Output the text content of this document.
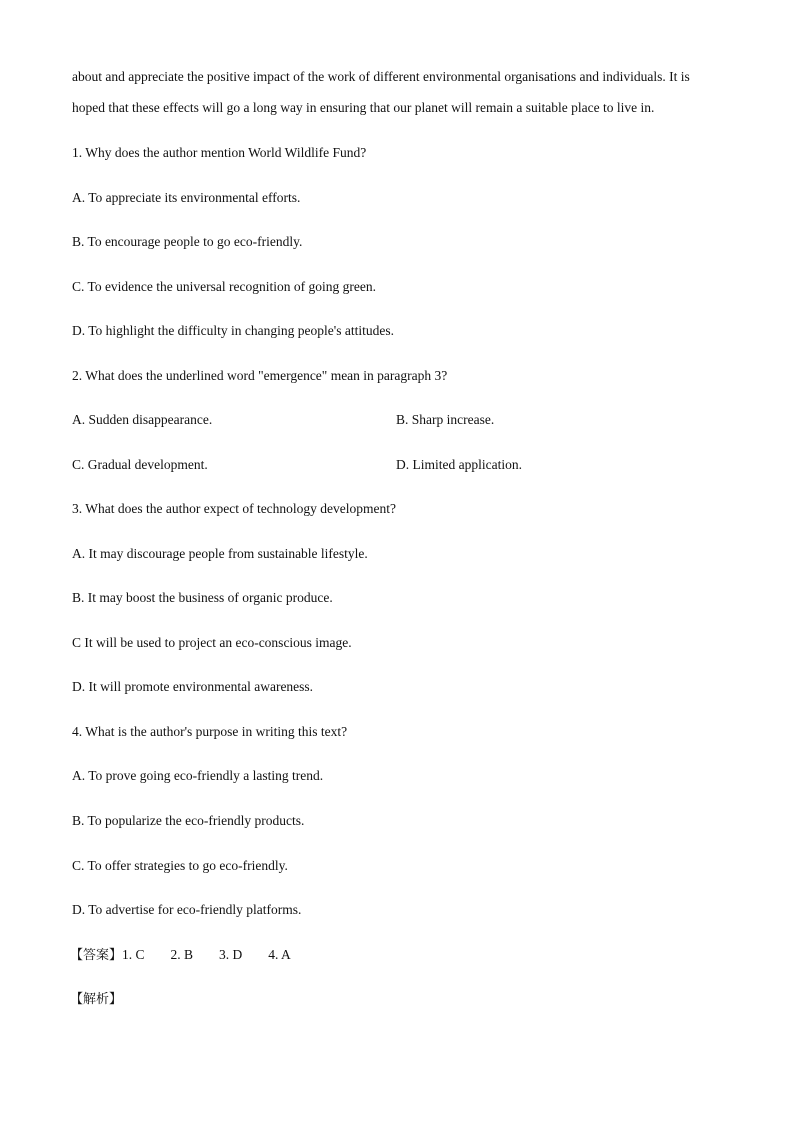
about and appreciate the positive impact of the work of different environmental organisations and individuals. It is
hoped that these effects will go a long way in ensuring that our planet will remain a suitable place to live in.
1. Why does the author mention World Wildlife Fund?
A. To appreciate its environmental efforts.
B. To encourage people to go eco-friendly.
C. To evidence the universal recognition of going green.
D. To highlight the difficulty in changing people's attitudes.
2. What does the underlined word "emergence" mean in paragraph 3?
A. Sudden disappearance.	B. Sharp increase.
C. Gradual development.	D. Limited application.
3. What does the author expect of technology development?
A. It may discourage people from sustainable lifestyle.
B. It may boost the business of organic produce.
C It will be used to project an eco-conscious image.
D. It will promote environmental awareness.
4. What is the author's purpose in writing this text?
A. To prove going eco-friendly a lasting trend.
B. To popularize the eco-friendly products.
C. To offer strategies to go eco-friendly.
D. To advertise for eco-friendly platforms.
【答案】1. C 2. B 3. D 4. A
【解析】
